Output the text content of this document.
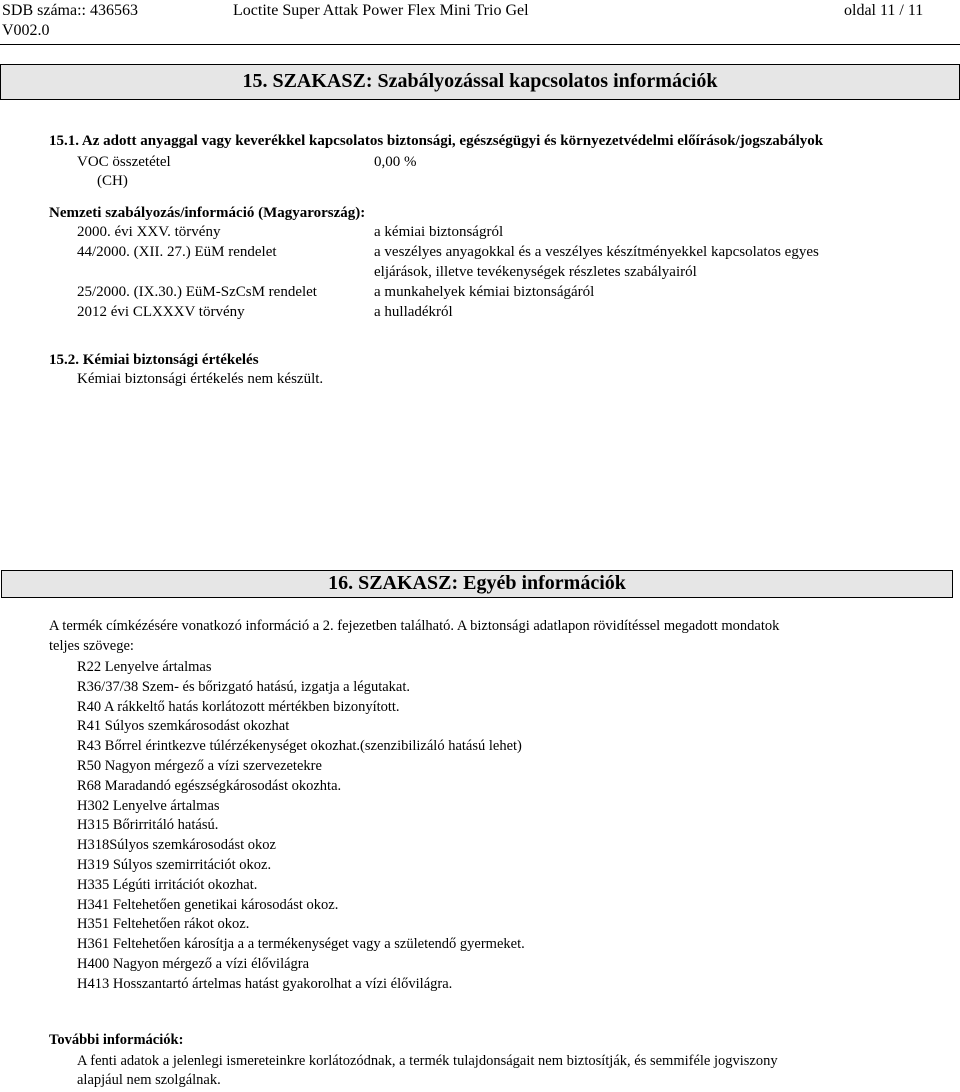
SDB száma:: 436563
V002.0
Loctite Super Attak Power Flex Mini Trio Gel	oldal 11 / 11
15. SZAKASZ: Szabályozással kapcsolatos információk
15.1. Az adott anyaggal vagy keverékkel kapcsolatos biztonsági, egészségügyi és környezetvédelmi előírások/jogszabályok
VOC összetétel	0,00 %
(CH)
Nemzeti szabályozás/információ (Magyarország):
2000. évi XXV. törvény	a kémiai biztonságról
44/2000. (XII. 27.) EüM rendelet	a veszélyes anyagokkal és a veszélyes készítményekkel kapcsolatos egyes
eljárások, illetve tevékenységek részletes szabályairól
25/2000. (IX.30.) EüM-SzCsM rendelet	a munkahelyek kémiai biztonságáról
2012 évi CLXXXV törvény	a hulladékról
15.2. Kémiai biztonsági értékelés
Kémiai biztonsági értékelés nem készült.
16. SZAKASZ: Egyéb információk
A termék címkézésére vonatkozó információ a 2. fejezetben található. A biztonsági adatlapon rövidítéssel megadott mondatok
teljes szövege:
R22 Lenyelve ártalmas
R36/37/38 Szem- és bőrizgató hatású, izgatja a légutakat.
R40 A rákkeltő hatás korlátozott mértékben bizonyított.
R41 Súlyos szemkárosodást okozhat
R43 Bőrrel érintkezve túlérzékenységet okozhat.(szenzibilizáló hatású lehet)
R50 Nagyon mérgező a vízi szervezetekre
R68 Maradandó egészségkárosodást okozhta.
H302 Lenyelve ártalmas
H315 Bőrirritáló hatású.
H318Súlyos szemkárosodást okoz
H319 Súlyos szemirritációt okoz.
H335 Légúti irritációt okozhat.
H341 Feltehetően genetikai károsodást okoz.
H351 Feltehetően rákot okoz.
H361 Feltehetően károsítja a a termékenységet vagy a születendő gyermeket.
H400 Nagyon mérgező a vízi élővilágra
H413 Hosszantartó ártelmas hatást gyakorolhat a vízi élővilágra.
További információk:
A fenti adatok a jelenlegi ismereteinkre korlátozódnak, a termék tulajdonságait nem biztosítják, és semmiféle jogviszony
alapjául nem szolgálnak.
